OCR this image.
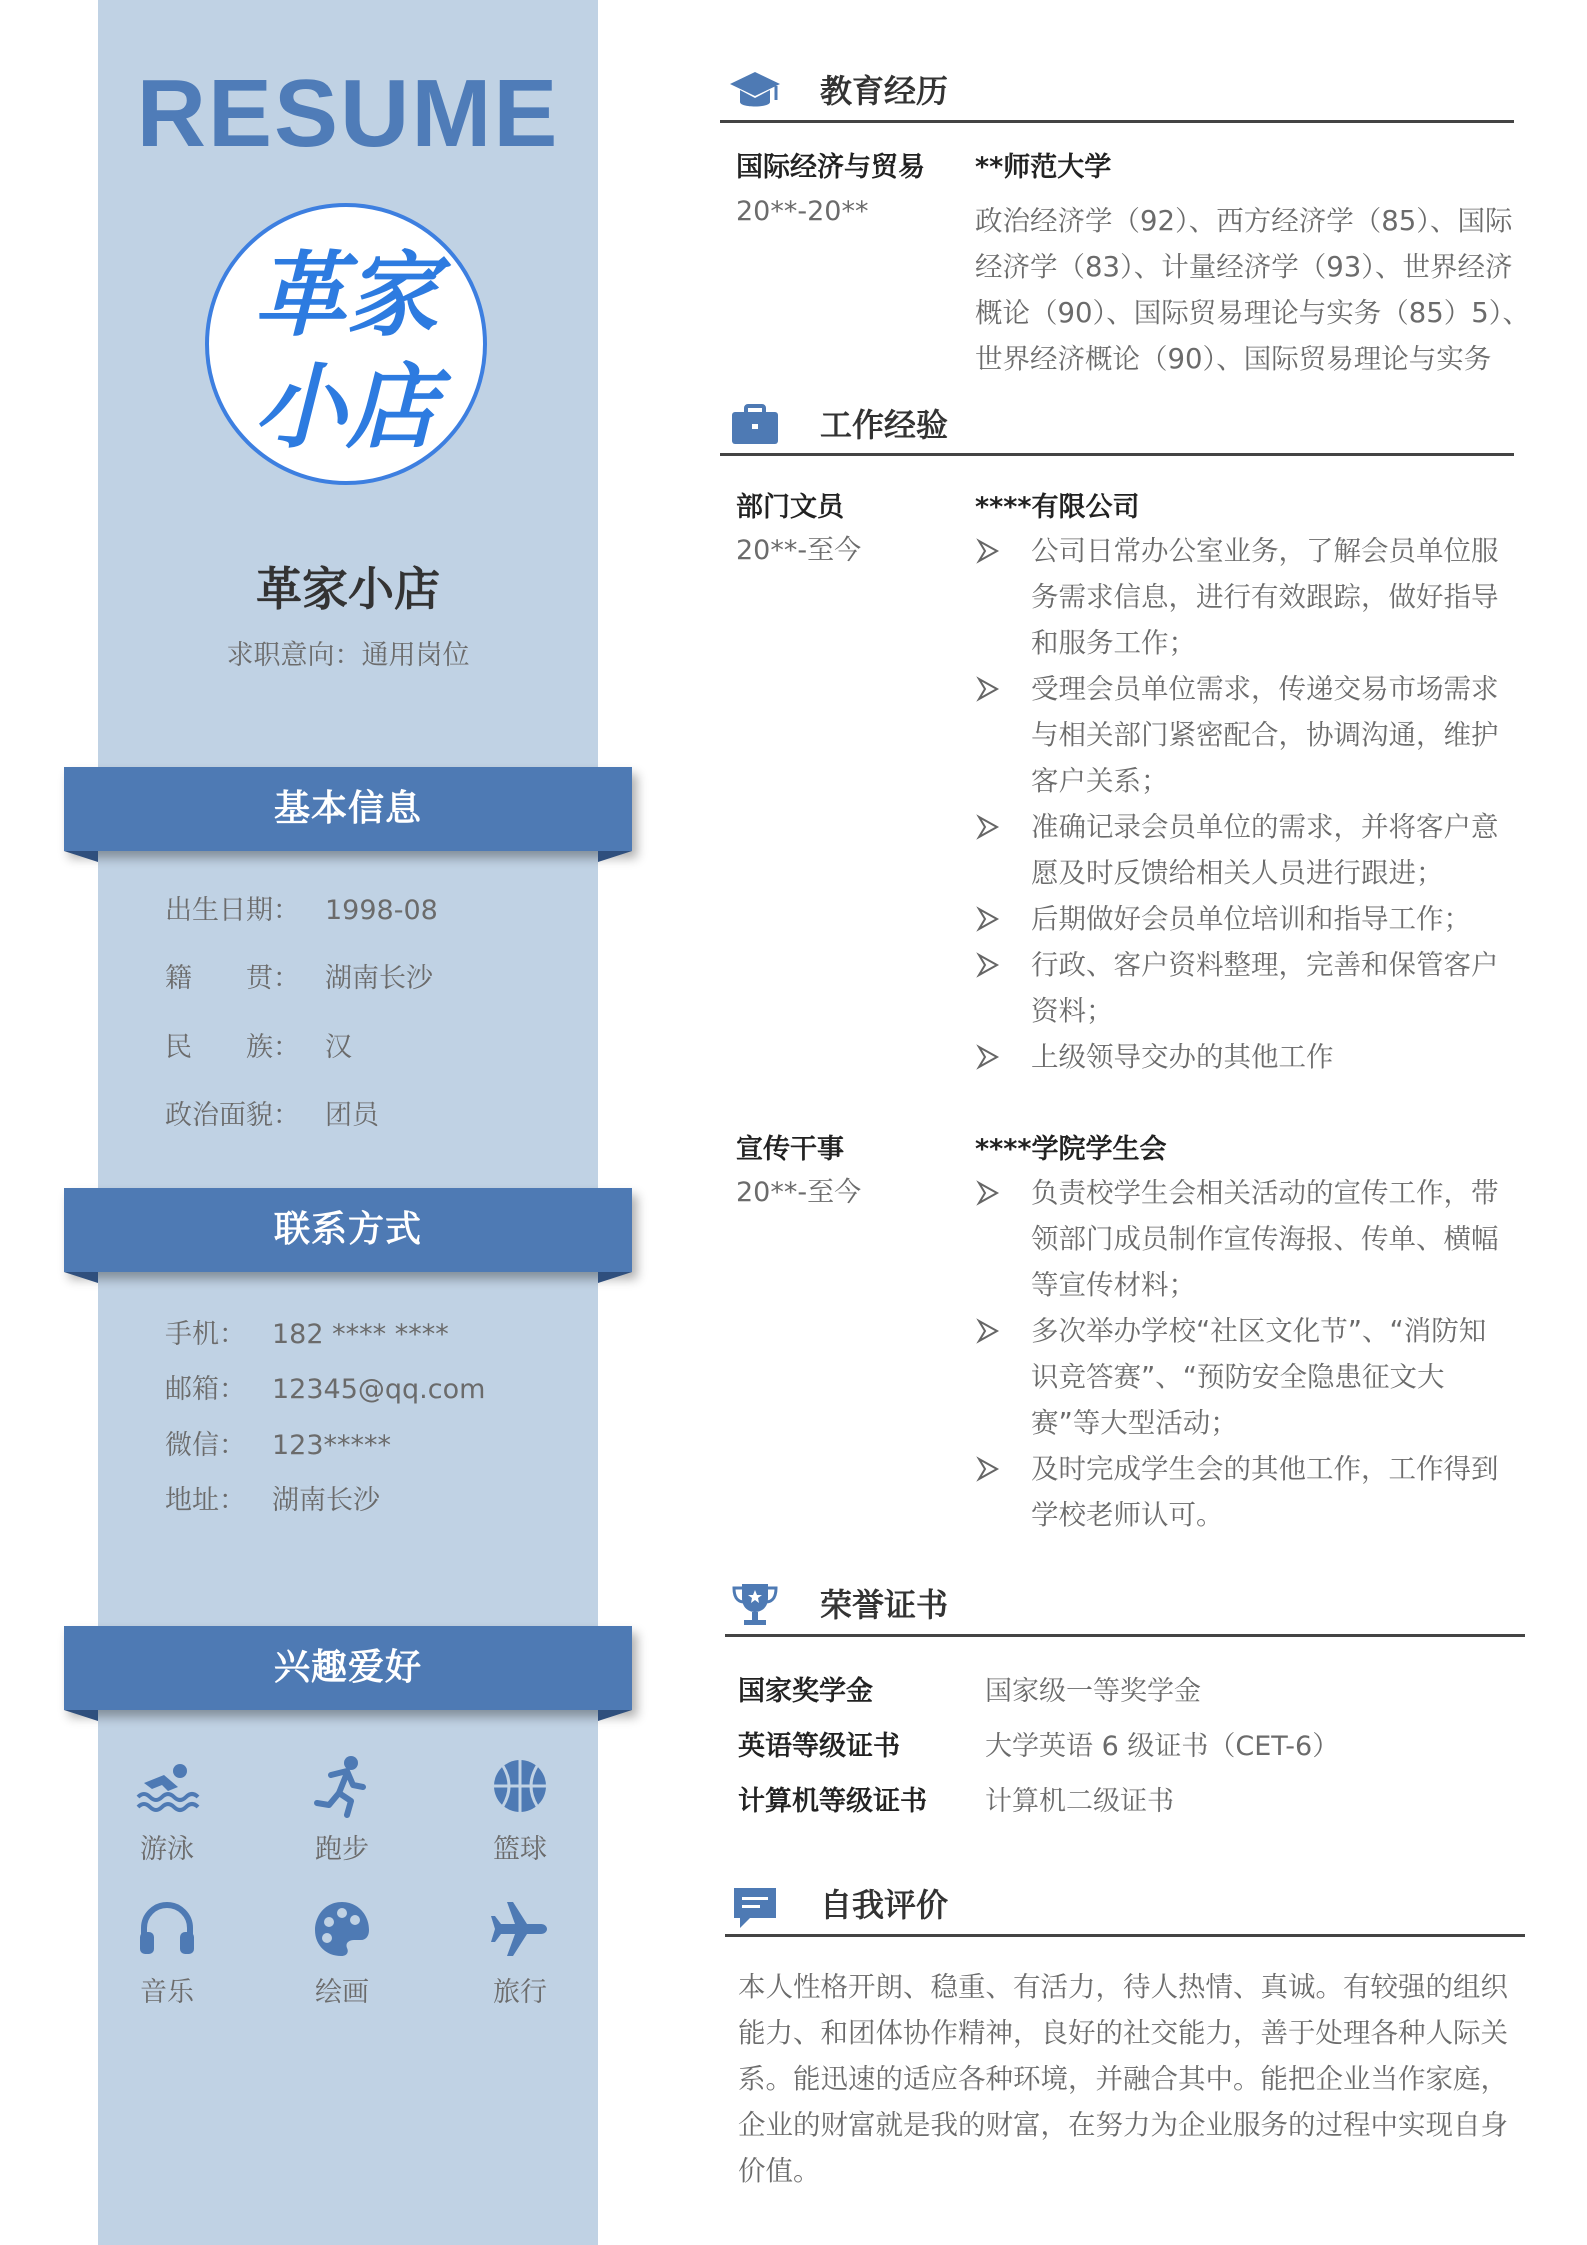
RESUME
革家
小店
革家小店
求职意向：通用岗位
基本信息
出生日期： 1998-08
籍　　贯： 湖南长沙
民　　族： 汉
政治面貌： 团员
联系方式
手机： 182 **** ****
邮箱： 12345@qq.com
微信： 123*****
地址： 湖南长沙
兴趣爱好
游泳	跑步	篮球
音乐	绘画	旅行
教育经历
国际经济与贸易
20**-20**
**师范大学
政治经济学（92）、西方经济学（85）、国际
经济学（83）、计量经济学（93）、世界经济
概论（90）、国际贸易理论与实务（85）5）、
世界经济概论（90）、国际贸易理论与实务
工作经验
部门文员
20**-至今
****有限公司
公司日常办公室业务，了解会员单位服务需求信息，进行有效跟踪，做好指导和服务工作；
受理会员单位需求，传递交易市场需求与相关部门紧密配合，协调沟通，维护客户关系；
准确记录会员单位的需求，并将客户意愿及时反馈给相关人员进行跟进；
后期做好会员单位培训和指导工作；
行政、客户资料整理，完善和保管客户资料；
上级领导交办的其他工作
宣传干事
20**-至今
****学院学生会
负责校学生会相关活动的宣传工作，带领部门成员制作宣传海报、传单、横幅等宣传材料；
多次举办学校“社区文化节”、“消防知识竞答赛”、“预防安全隐患征文大赛”等大型活动；
及时完成学生会的其他工作，工作得到学校老师认可。
荣誉证书
国家奖学金	国家级一等奖学金
英语等级证书	大学英语 6 级证书（CET-6）
计算机等级证书 计算机二级证书
自我评价
本人性格开朗、稳重、有活力，待人热情、真诚。有较强的组织能力、和团体协作精神，良好的社交能力，善于处理各种人际关系。能迅速的适应各种环境，并融合其中。能把企业当作家庭，企业的财富就是我的财富，在努力为企业服务的过程中实现自身价值。
